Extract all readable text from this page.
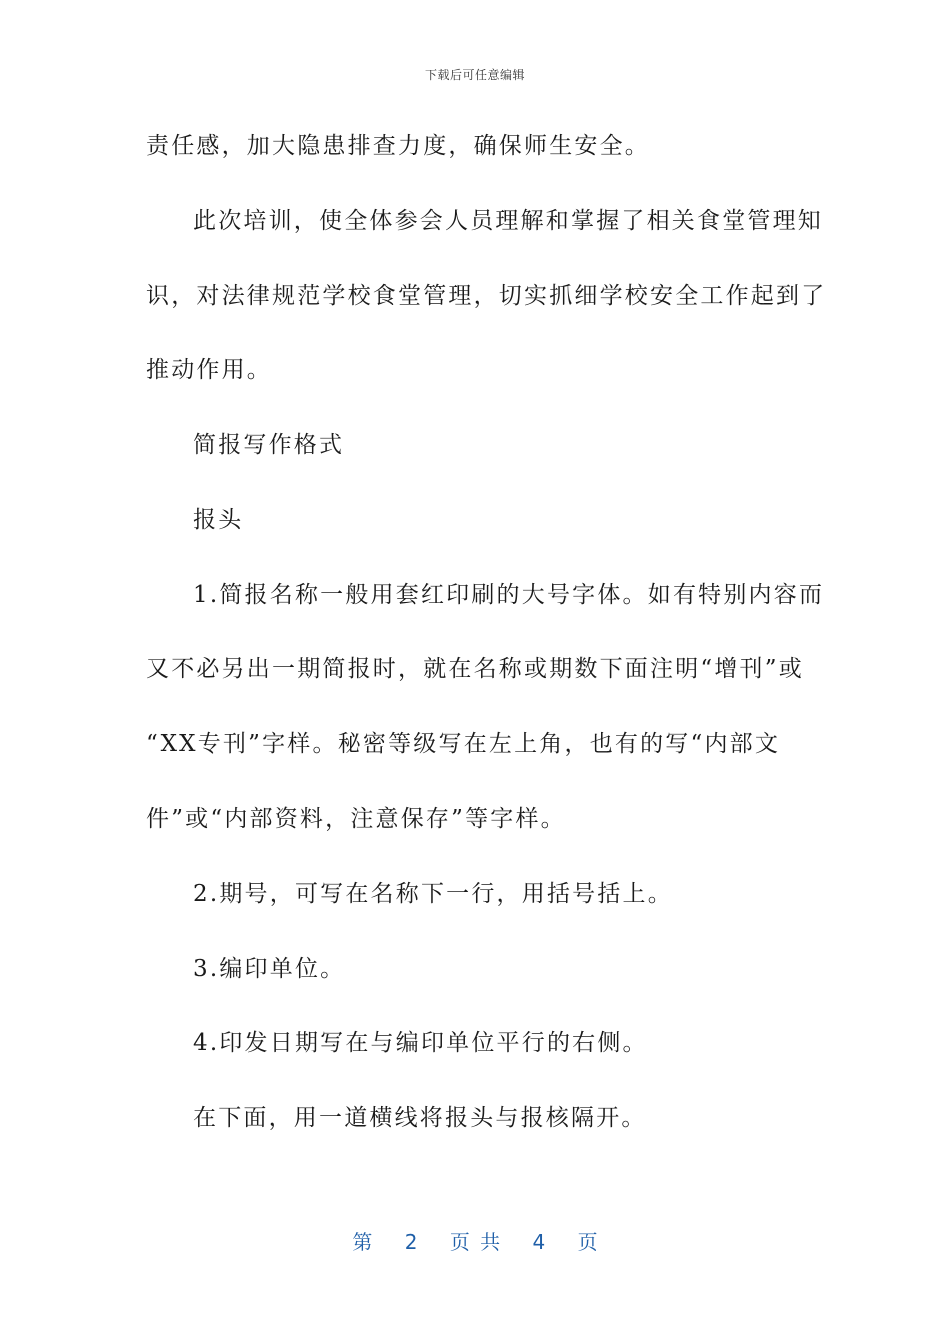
下载后可任意编辑
责任感，加大隐患排查力度，确保师生安全。
此次培训，使全体参会人员理解和掌握了相关食堂管理知
识，对法律规范学校食堂管理，切实抓细学校安全工作起到了
推动作用。
简报写作格式
报头
1.简报名称一般用套红印刷的大号字体。如有特别内容而
又不必另出一期简报时，就在名称或期数下面注明“增刊”或
“XX专刊”字样。秘密等级写在左上角，也有的写“内部文
件”或“内部资料，注意保存”等字样。
2.期号，可写在名称下一行，用括号括上。
3.编印单位。
4.印发日期写在与编印单位平行的右侧。
在下面，用一道横线将报头与报核隔开。
第 2 页 共 4 页
